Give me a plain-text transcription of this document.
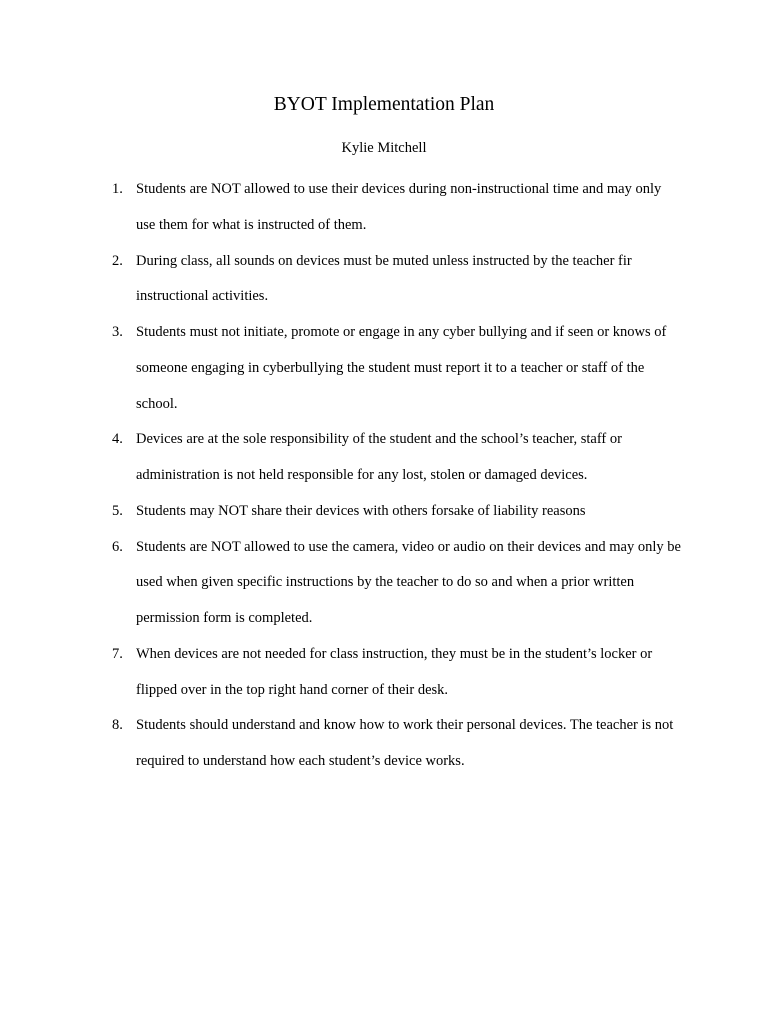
BYOT Implementation Plan

Kylie Mitchell

1. Students are NOT allowed to use their devices during non-instructional time and may only use them for what is instructed of them.
2. During class, all sounds on devices must be muted unless instructed by the teacher fir instructional activities.
3. Students must not initiate, promote or engage in any cyber bullying and if seen or knows of someone engaging in cyberbullying the student must report it to a teacher or staff of the school.
4. Devices are at the sole responsibility of the student and the school’s teacher, staff or administration is not held responsible for any lost, stolen or damaged devices.
5. Students may NOT share their devices with others forsake of liability reasons
6. Students are NOT allowed to use the camera, video or audio on their devices and may only be used when given specific instructions by the teacher to do so and when a prior written permission form is completed.
7. When devices are not needed for class instruction, they must be in the student’s locker or flipped over in the top right hand corner of their desk.
8. Students should understand and know how to work their personal devices. The teacher is not required to understand how each student’s device works.
